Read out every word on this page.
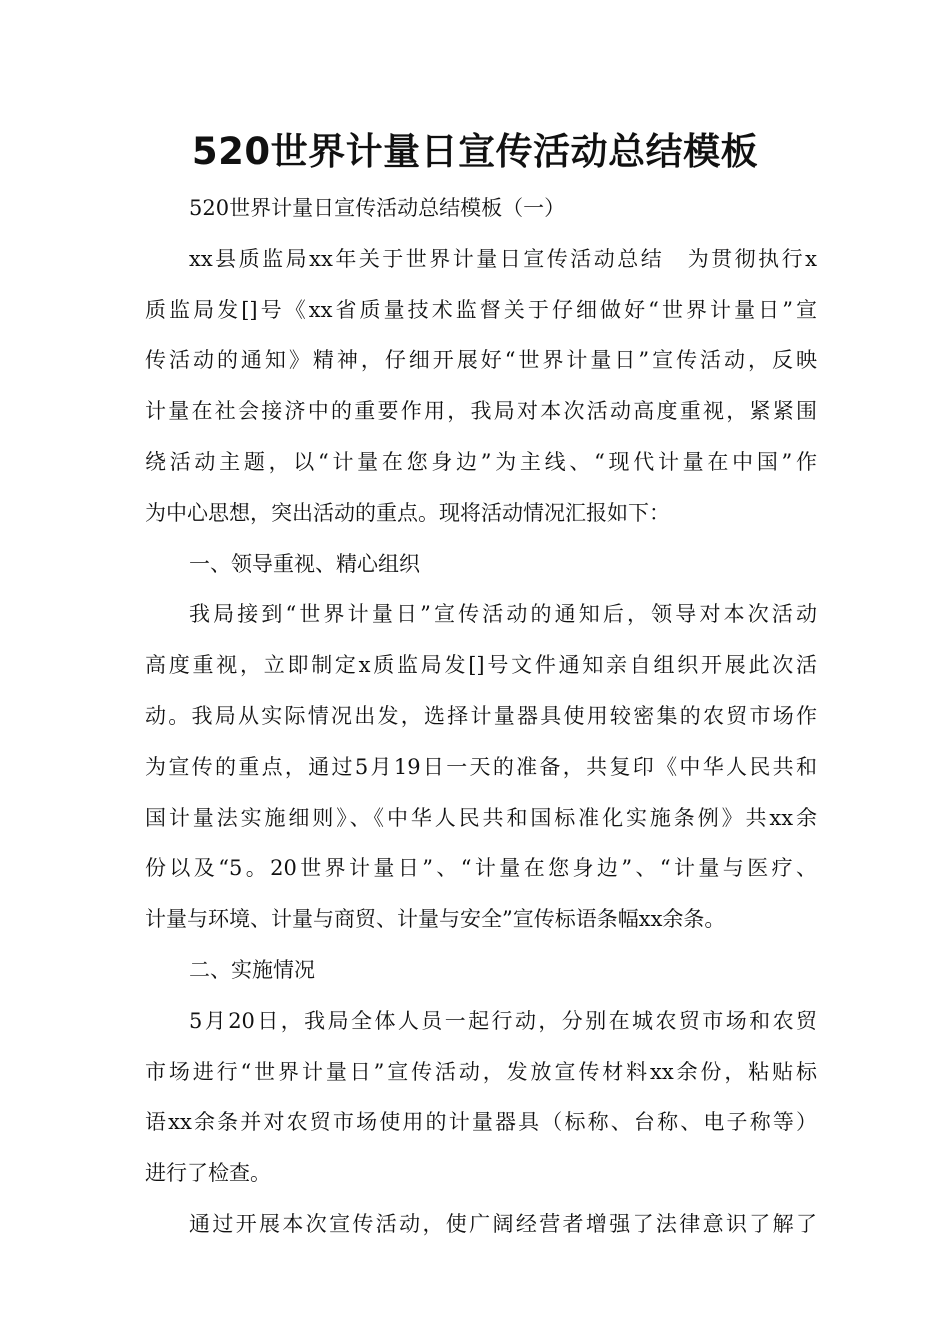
520世界计量日宣传活动总结模板
520世界计量日宣传活动总结模板（一）
xx县质监局xx年关于世界计量日宣传活动总结　为贯彻执行x
质监局发[]号《xx省质量技术监督关于仔细做好“世界计量日”宣
传活动的通知》精神，仔细开展好“世界计量日”宣传活动，反映
计量在社会接济中的重要作用，我局对本次活动高度重视，紧紧围
绕活动主题，以“计量在您身边”为主线、“现代计量在中国”作
为中心思想，突出活动的重点。现将活动情况汇报如下：
一、领导重视、精心组织
我局接到“世界计量日”宣传活动的通知后，领导对本次活动
高度重视，立即制定x质监局发[]号文件通知亲自组织开展此次活
动。我局从实际情况出发，选择计量器具使用较密集的农贸市场作
为宣传的重点，通过5月19日一天的准备，共复印《中华人民共和
国计量法实施细则》、《中华人民共和国标准化实施条例》共xx余
份以及“5。20世界计量日”、“计量在您身边”、“计量与医疗、
计量与环境、计量与商贸、计量与安全”宣传标语条幅xx余条。
二、实施情况
5月20日，我局全体人员一起行动，分别在城农贸市场和农贸
市场进行“世界计量日”宣传活动，发放宣传材料xx余份，粘贴标
语xx余条并对农贸市场使用的计量器具（标称、台称、电子称等）
进行了检查。
通过开展本次宣传活动，使广阔经营者增强了法律意识了解了
